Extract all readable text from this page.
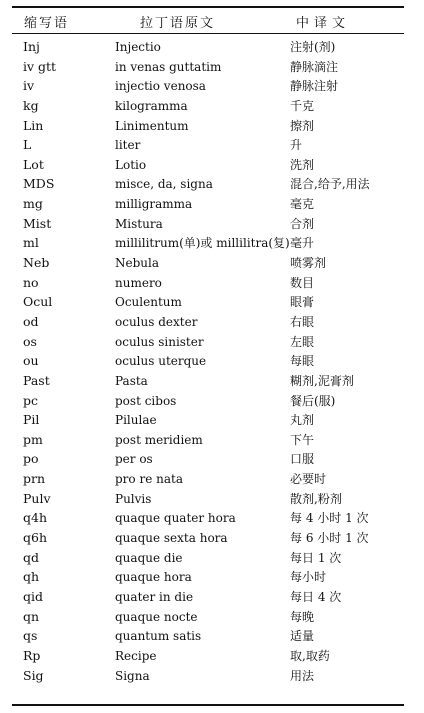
缩写语	拉丁语原文	中译文
Inj	Injectio	注射(剂)
iv gtt	in venas guttatim	静脉滴注
iv	injectio venosa	静脉注射
kg	kilogramma	千克
Lin	Linimentum	擦剂
L	liter	升
Lot	Lotio	洗剂
MDS	misce, da, signa	混合,给予,用法
mg	milligramma	毫克
Mist	Mistura	合剂
ml	millilitrum(单)或 millilitra(复) 毫升
Neb	Nebula	喷雾剂
no	numero	数目
Ocul	Oculentum	眼膏
od	oculus dexter	右眼
os	oculus sinister	左眼
ou	oculus uterque	每眼
Past	Pasta	糊剂,泥膏剂
pc	post cibos	餐后(服)
Pil	Pilulae	丸剂
pm	post meridiem	下午
po	per os	口服
prn	pro re nata	必要时
Pulv	Pulvis	散剂,粉剂
q4h	quaque quater hora	每 4 小时 1 次
q6h	quaque sexta hora	每 6 小时 1 次
qd	quaque die	每日 1 次
qh	quaque hora	每小时
qid	quater in die	每日 4 次
qn	quaque nocte	每晚
qs	quantum satis	适量
Rp	Recipe	取,取药
Sig	Signa	用法
